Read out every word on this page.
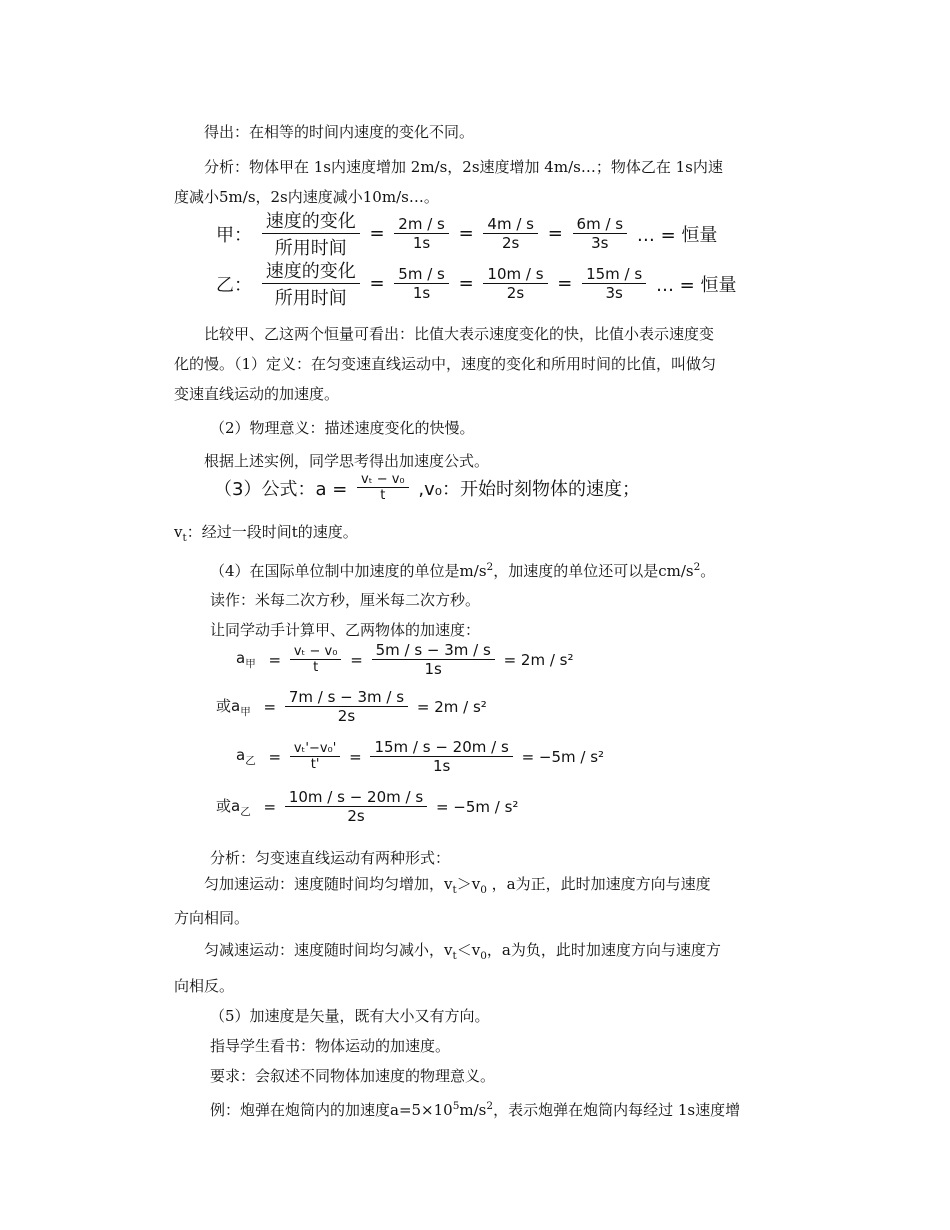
得出：在相等的时间内速度的变化不同。
分析：物体甲在 1s内速度增加 2m/s，2s速度增加 4m/s…；物体乙在 1s内速
度减小5m/s，2s内速度减小10m/s…。
甲： $\frac{\text{速度的变化}}{\text{所用时间}} = \frac{2m / s}{1s} = \frac{4m / s}{2s} = \frac{6m / s}{3s}$ … = 恒量
乙： $\frac{\text{速度的变化}}{\text{所用时间}} = \frac{5m / s}{1s} = \frac{10m / s}{2s} = \frac{15m / s}{3s}$ … = 恒量
比较甲、乙这两个恒量可看出：比值大表示速度变化的快，比值小表示速度变
化的慢。（1）定义：在匀变速直线运动中，速度的变化和所用时间的比值，叫做匀
变速直线运动的加速度。
（2）物理意义：描述速度变化的快慢。
根据上述实例，同学思考得出加速度公式。
（3）公式：$a = \frac{\text{vₜ − v₀}}{t} ,v_0$：开始时刻物体的速度；
$v_t$：经过一段时间t的速度。
（4）在国际单位制中加速度的单位是$m/s^2$，加速度的单位还可以是$cm/s^2$。
读作：米每二次方秒，厘米每二次方秒。
让同学动手计算甲、乙两物体的加速度：
$a_甲 = \frac{\text{vₜ − v₀}}{t} = \frac{5m / s - 3m / s}{1s} = 2m / s^2$
或$a_甲 = \frac{7m / s - 3m / s}{2s} = 2m / s^2$
$a_乙 = \frac{\text{vₜ'−v₀'}}{t'} = \frac{15m / s - 20m / s}{1s} = -5m / s^2$
或$a_乙 = \frac{10m / s - 20m / s}{2s} = -5m / s^2$
分析：匀变速直线运动有两种形式：
匀加速运动：速度随时间均匀增加，$v_t>v_0$ ，a为正，此时加速度方向与速度
方向相同。
匀减速运动：速度随时间均匀减小，$v_t<v_0$，a为负，此时加速度方向与速度方
向相反。
（5）加速度是矢量，既有大小又有方向。
指导学生看书：物体运动的加速度。
要求：会叙述不同物体加速度的物理意义。
例：炮弹在炮筒内的加速度$a=5\times 10^5m/s^2$，表示炮弹在炮筒内每经过 1s速度增
